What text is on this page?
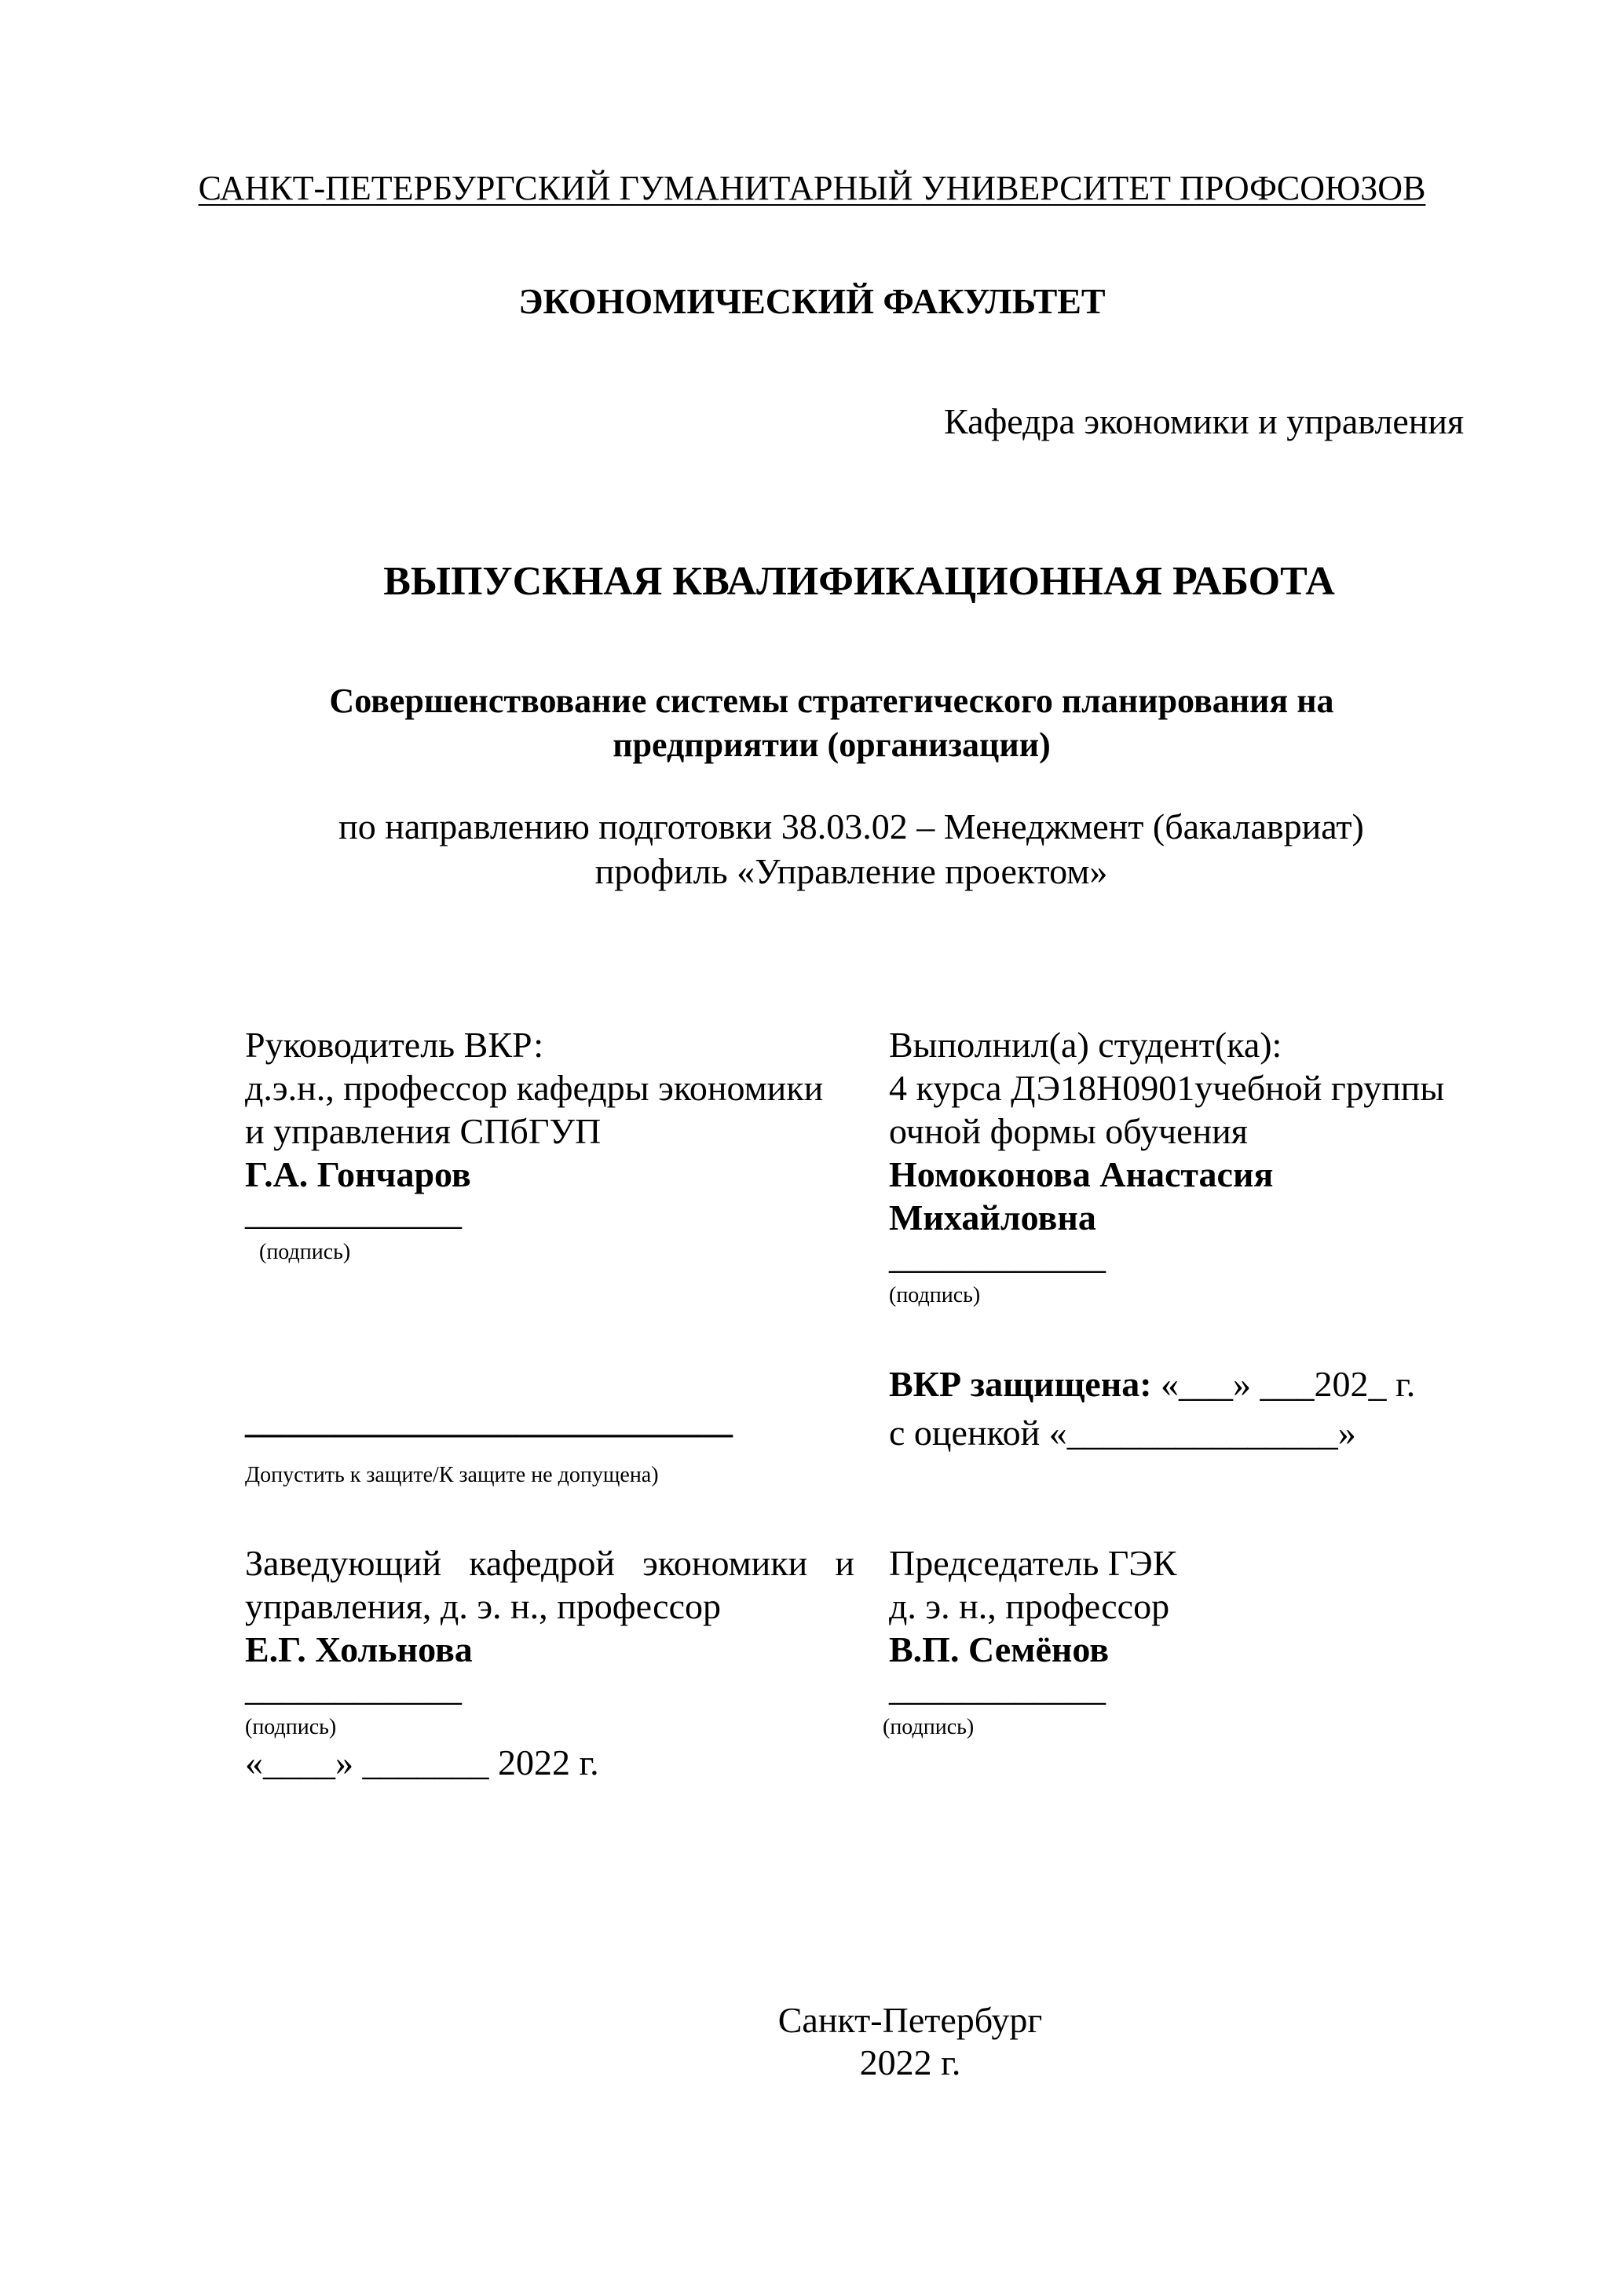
САНКТ-ПЕТЕРБУРГСКИЙ ГУМАНИТАРНЫЙ УНИВЕРСИТЕТ ПРОФСОЮЗОВ
ЭКОНОМИЧЕСКИЙ ФАКУЛЬТЕТ
Кафедра экономики и управления
ВЫПУСКНАЯ КВАЛИФИКАЦИОННАЯ РАБОТА
Совершенствование системы стратегического планирования на
предприятии (организации)
по направлению подготовки 38.03.02 – Менеджмент (бакалавриат)
профиль «Управление проектом»
Руководитель ВКР:
д.э.н., профессор кафедры экономики
и управления СПбГУП
Г.А. Гончаров
____________
(подпись)
Выполнил(а) студент(ка):
4 курса ДЭ18Н0901учебной группы
очной формы обучения
Номоконова Анастасия
Михайловна
____________
(подпись)
___________________________
Допустить к защите/К защите не допущена)
ВКР защищена: «___» ___202_ г.
с оценкой «_______________»
Заведующий кафедрой экономики и
управления, д. э. н., профессор
Е.Г. Хольнова
____________
(подпись)
«____» _______ 2022 г.
Председатель ГЭК
д. э. н., профессор
В.П. Семёнов
____________
(подпись)
Санкт-Петербург
2022 г.
